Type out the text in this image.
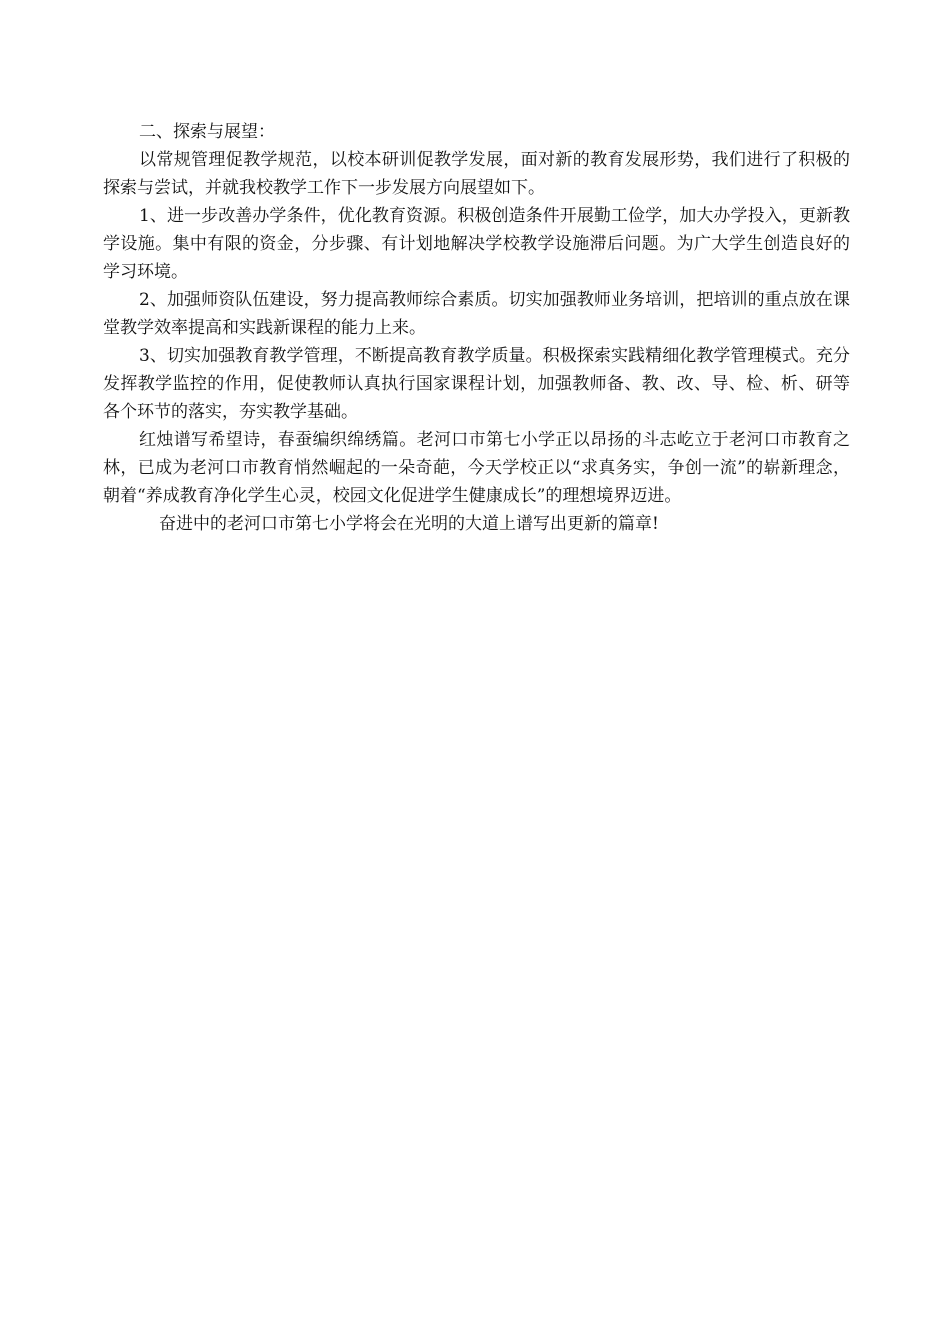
二、探索与展望：

以常规管理促教学规范，以校本研训促教学发展，面对新的教育发展形势，我们进行了积极的探索与尝试，并就我校教学工作下一步发展方向展望如下。

1、进一步改善办学条件，优化教育资源。积极创造条件开展勤工俭学，加大办学投入，更新教学设施。集中有限的资金，分步骤、有计划地解决学校教学设施滞后问题。为广大学生创造良好的学习环境。

2、加强师资队伍建设，努力提高教师综合素质。切实加强教师业务培训，把培训的重点放在课堂教学效率提高和实践新课程的能力上来。

3、切实加强教育教学管理，不断提高教育教学质量。积极探索实践精细化教学管理模式。充分发挥教学监控的作用，促使教师认真执行国家课程计划，加强教师备、教、改、导、检、析、研等各个环节的落实，夯实教学基础。

红烛谱写希望诗，春蚕编织绵绣篇。老河口市第七小学正以昂扬的斗志屹立于老河口市教育之林，已成为老河口市教育悄然崛起的一朵奇葩，今天学校正以“求真务实，争创一流”的崭新理念，朝着“养成教育净化学生心灵，校园文化促进学生健康成长”的理想境界迈进。

奋进中的老河口市第七小学将会在光明的大道上谱写出更新的篇章!
